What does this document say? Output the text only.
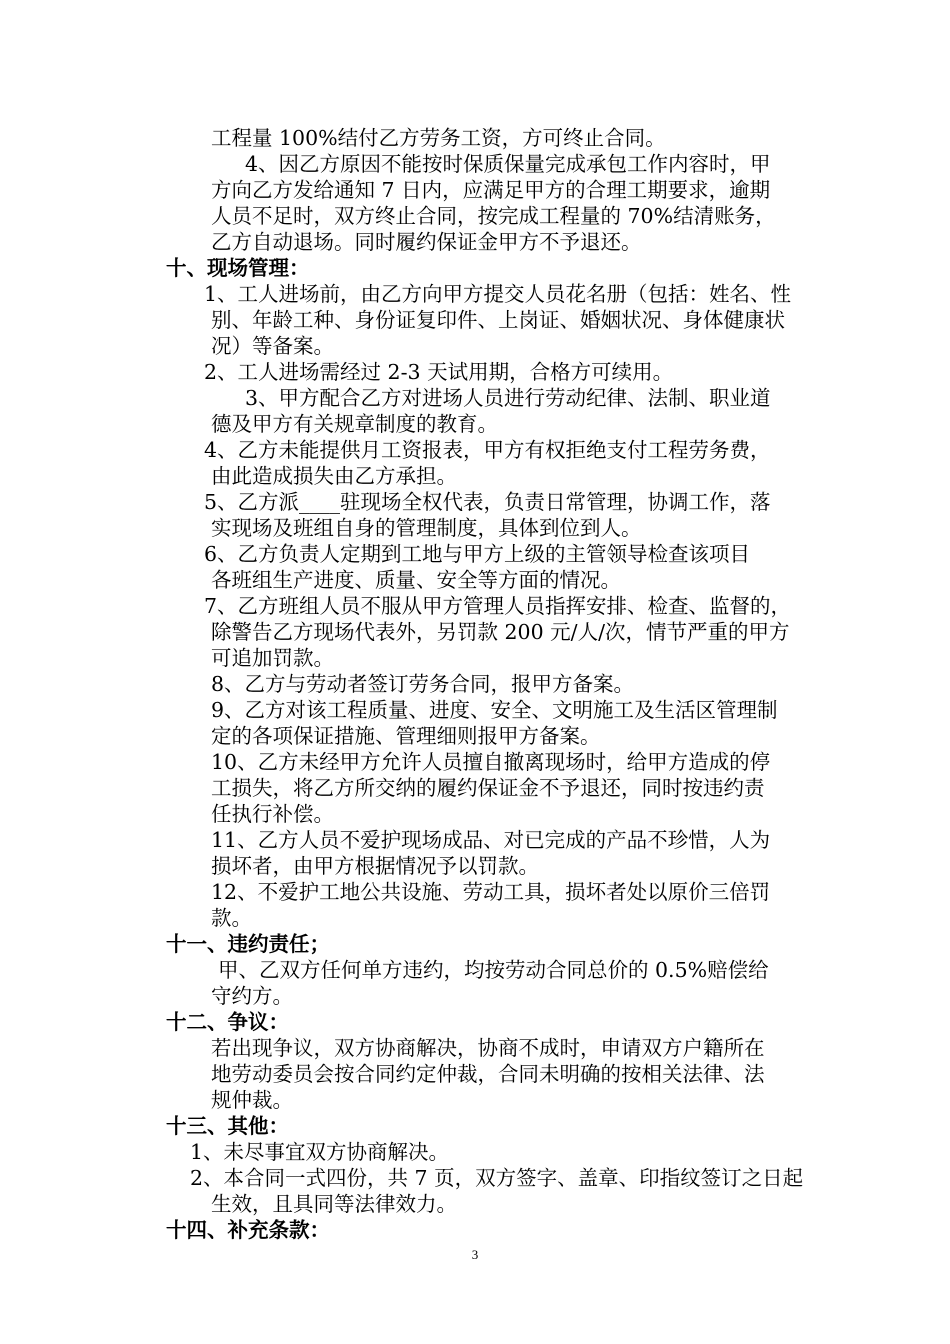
工程量 100%结付乙方劳务工资，方可终止合同。
4、因乙方原因不能按时保质保量完成承包工作内容时，甲
方向乙方发给通知 7 日内，应满足甲方的合理工期要求，逾期
人员不足时，双方终止合同，按完成工程量的 70%结清账务，
乙方自动退场。同时履约保证金甲方不予退还。
十、现场管理：
1、工人进场前，由乙方向甲方提交人员花名册（包括：姓名、性
别、年龄工种、身份证复印件、上岗证、婚姻状况、身体健康状
况）等备案。
2、工人进场需经过 2-3 天试用期，合格方可续用。
3、甲方配合乙方对进场人员进行劳动纪律、法制、职业道
德及甲方有关规章制度的教育。
4、乙方未能提供月工资报表，甲方有权拒绝支付工程劳务费，
由此造成损失由乙方承担。
5、乙方派____驻现场全权代表，负责日常管理，协调工作，落
实现场及班组自身的管理制度，具体到位到人。
6、乙方负责人定期到工地与甲方上级的主管领导检查该项目
各班组生产进度、质量、安全等方面的情况。
7、乙方班组人员不服从甲方管理人员指挥安排、检查、监督的，
除警告乙方现场代表外，另罚款 200 元/人/次，情节严重的甲方
可追加罚款。
8、乙方与劳动者签订劳务合同，报甲方备案。
9、乙方对该工程质量、进度、安全、文明施工及生活区管理制
定的各项保证措施、管理细则报甲方备案。
10、乙方未经甲方允许人员擅自撤离现场时，给甲方造成的停
工损失，将乙方所交纳的履约保证金不予退还，同时按违约责
任执行补偿。
11、乙方人员不爱护现场成品、对已完成的产品不珍惜，人为
损坏者，由甲方根据情况予以罚款。
12、不爱护工地公共设施、劳动工具，损坏者处以原价三倍罚
款。
十一、违约责任；
甲、乙双方任何单方违约，均按劳动合同总价的 0.5%赔偿给
守约方。
十二、争议：
若出现争议，双方协商解决，协商不成时，申请双方户籍所在
地劳动委员会按合同约定仲裁，合同未明确的按相关法律、法
规仲裁。
十三、其他：
1、未尽事宜双方协商解决。
2、本合同一式四份，共 7 页，双方签字、盖章、印指纹签订之日起
生效，且具同等法律效力。
十四、补充条款：
3
